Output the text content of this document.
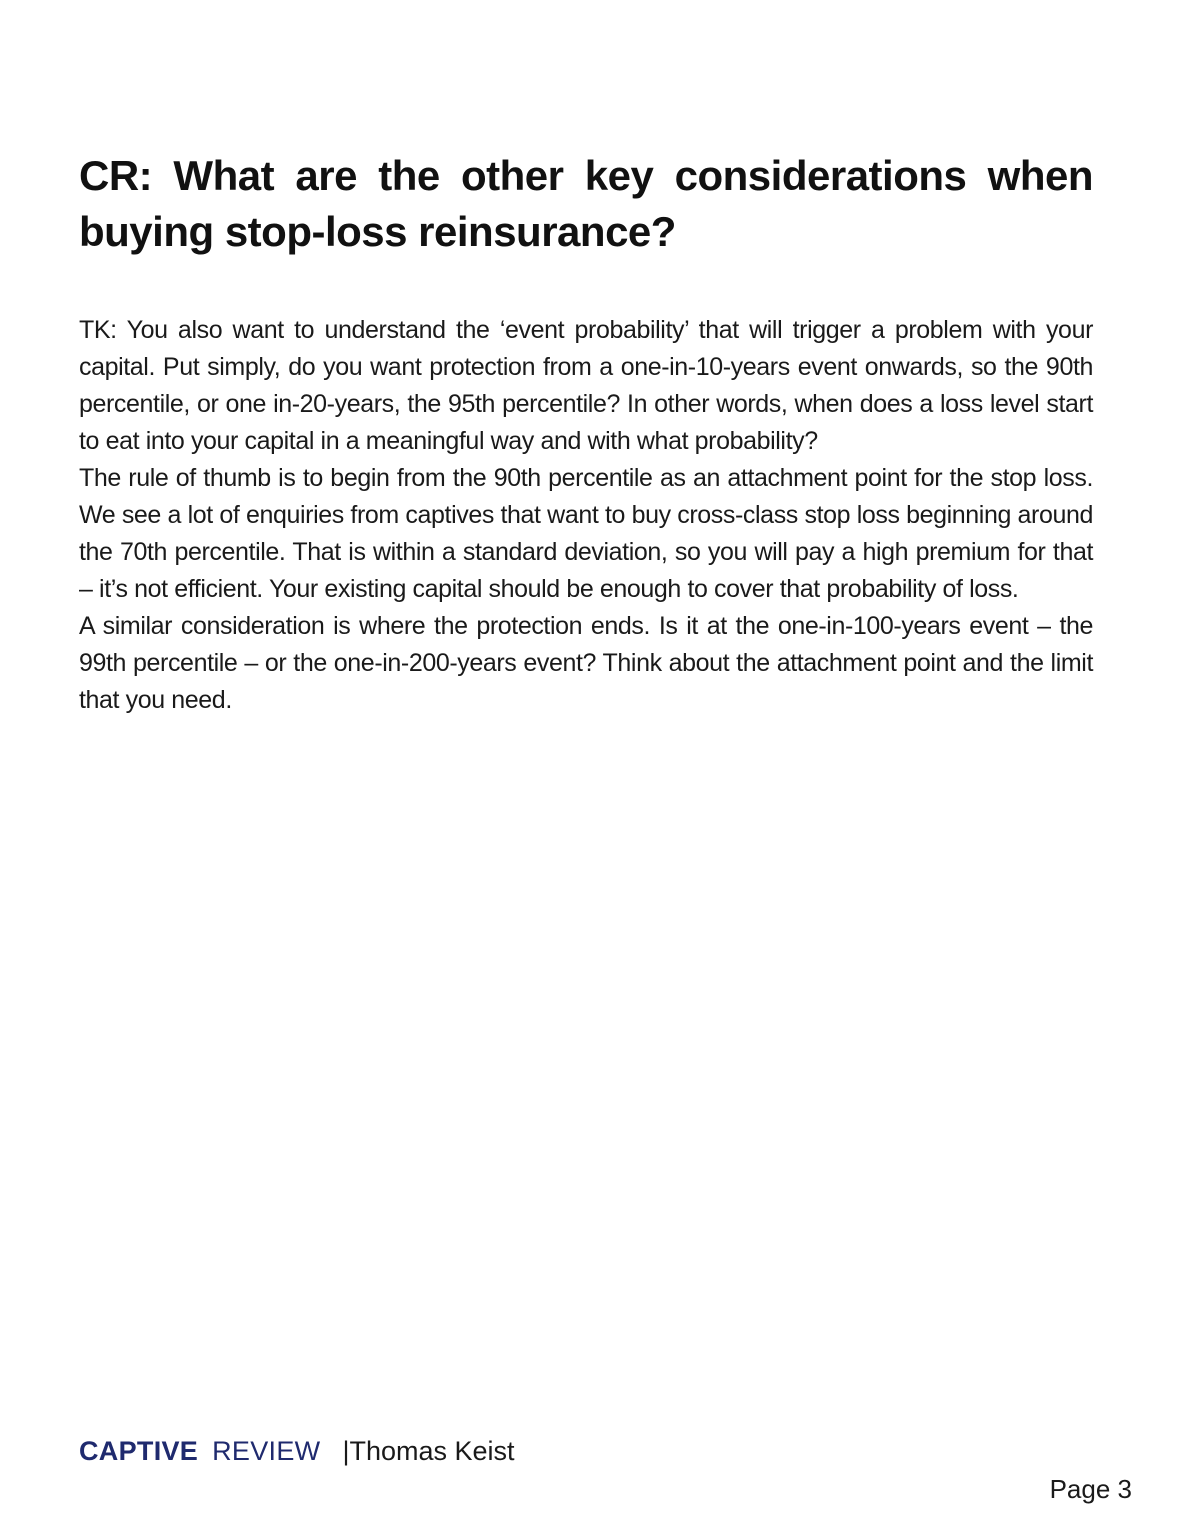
CR: What are the other key considerations when buying stop-loss reinsurance?

TK: You also want to understand the ‘event probability’ that will trigger a problem with your capital. Put simply, do you want protection from a one-in-10-years event onwards, so the 90th percentile, or one in-20-years, the 95th percentile? In other words, when does a loss level start to eat into your capital in a meaningful way and with what probability?

The rule of thumb is to begin from the 90th percentile as an attachment point for the stop loss. We see a lot of enquiries from captives that want to buy cross-class stop loss beginning around the 70th percentile. That is within a standard deviation, so you will pay a high premium for that – it’s not efficient. Your existing capital should be enough to cover that probability of loss.

A similar consideration is where the protection ends. Is it at the one-in-100-years event – the 99th percentile – or the one-in-200-years event? Think about the attachment point and the limit that you need.

CAPTIVE REVIEW |Thomas Keist
Page 3
